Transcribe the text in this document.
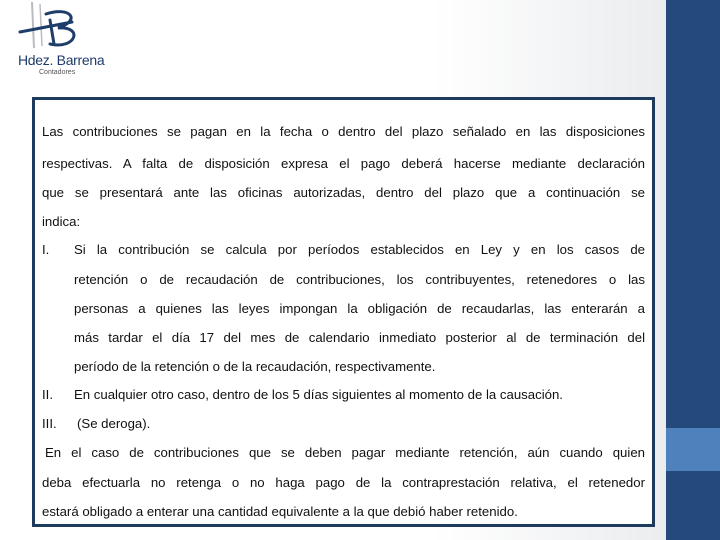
Hdez. Barrena
Contadores
Las contribuciones se pagan en la fecha o dentro del plazo señalado en las disposiciones
respectivas. A falta de disposición expresa el pago deberá hacerse mediante declaración
que se presentará ante las oficinas autorizadas, dentro del plazo que a continuación se
indica:
I. Si la contribución se calcula por períodos establecidos en Ley y en los casos de
retención o de recaudación de contribuciones, los contribuyentes, retenedores o las
personas a quienes las leyes impongan la obligación de recaudarlas, las enterarán a
más tardar el día 17 del mes de calendario inmediato posterior al de terminación del
período de la retención o de la recaudación, respectivamente.
II. En cualquier otro caso, dentro de los 5 días siguientes al momento de la causación.
III. (Se deroga).
En el caso de contribuciones que se deben pagar mediante retención, aún cuando quien
deba efectuarla no retenga o no haga pago de la contraprestación relativa, el retenedor
estará obligado a enterar una cantidad equivalente a la que debió haber retenido.
